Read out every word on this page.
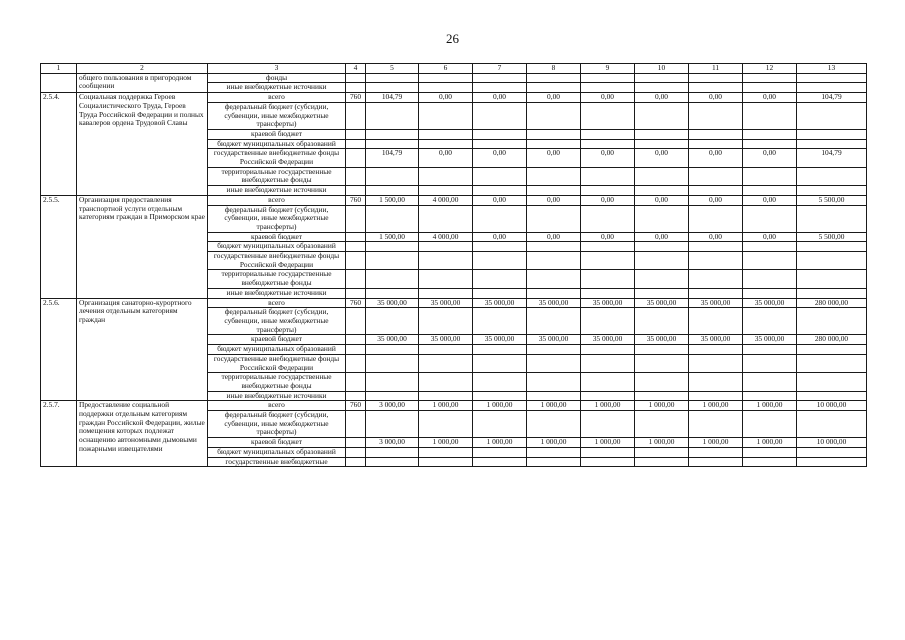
26
1	2	3	4	5	6	7	8	9	10	11	12	13
	общего пользования в пригородном сообщении	фонды										
		иные внебюджетные источники										
2.5.4.	Социальная поддержка Героев Социалистического Труда, Героев Труда Российской Федерации и полных кавалеров ордена Трудовой Славы	всего	760	104,79	0,00	0,00	0,00	0,00	0,00	0,00	0,00	104,79
		федеральный бюджет (субсидии, субвенции, иные межбюджетные трансферты)										
		краевой бюджет										
		бюджет муниципальных образований										
		государственные внебюджетные фонды Российской Федерации		104,79	0,00	0,00	0,00	0,00	0,00	0,00	0,00	104,79
		территориальные государственные внебюджетные фонды										
		иные внебюджетные источники										
2.5.5.	Организация предоставления транспортной услуги отдельным категориям граждан в Приморском крае	всего	760	1 500,00	4 000,00	0,00	0,00	0,00	0,00	0,00	0,00	5 500,00
		федеральный бюджет (субсидии, субвенции, иные межбюджетные трансферты)										
		краевой бюджет		1 500,00	4 000,00	0,00	0,00	0,00	0,00	0,00	0,00	5 500,00
		бюджет муниципальных образований										
		государственные внебюджетные фонды Российской Федерации										
		территориальные государственные внебюджетные фонды										
		иные внебюджетные источники										
2.5.6.	Организация санаторно-курортного лечения отдельным категориям граждан	всего	760	35 000,00	35 000,00	35 000,00	35 000,00	35 000,00	35 000,00	35 000,00	35 000,00	280 000,00
		федеральный бюджет (субсидии, субвенции, иные межбюджетные трансферты)										
		краевой бюджет		35 000,00	35 000,00	35 000,00	35 000,00	35 000,00	35 000,00	35 000,00	35 000,00	280 000,00
		бюджет муниципальных образований										
		государственные внебюджетные фонды Российской Федерации										
		территориальные государственные внебюджетные фонды										
		иные внебюджетные источники										
2.5.7.	Предоставление социальной поддержки отдельным категориям граждан Российской Федерации, жилые помещения которых подлежат оснащению автономными дымовыми пожарными извещателями	всего	760	3 000,00	1 000,00	1 000,00	1 000,00	1 000,00	1 000,00	1 000,00	1 000,00	10 000,00
		федеральный бюджет (субсидии, субвенции, иные межбюджетные трансферты)										
		краевой бюджет		3 000,00	1 000,00	1 000,00	1 000,00	1 000,00	1 000,00	1 000,00	1 000,00	10 000,00
		бюджет муниципальных образований										
		государственные внебюджетные										
